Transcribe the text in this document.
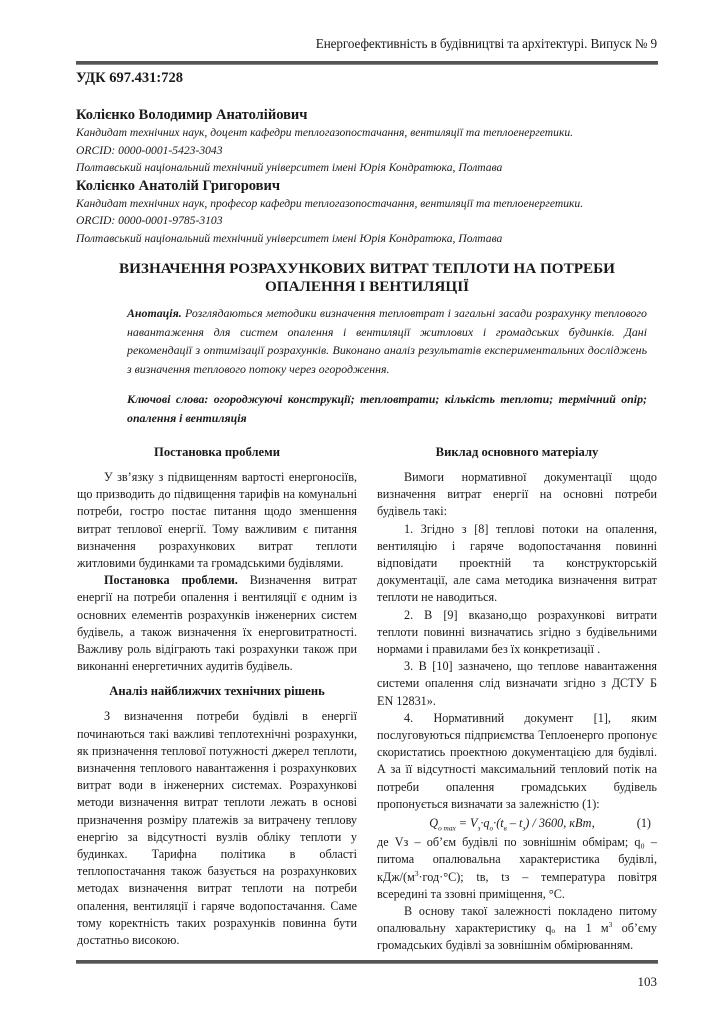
Енергоефективність в будівництві та архітектурі. Випуск № 9
УДК 697.431:728
Колієнко Володимир Анатолійович
Кандидат технічних наук, доцент кафедри теплогазопостачання, вентиляції та теплоенергетики.
ORCID: 0000-0001-5423-3043
Полтавський національний технічний університет імені Юрія Кондратюка, Полтава
Колієнко Анатолій Григорович
Кандидат технічних наук, професор кафедри теплогазопостачання, вентиляції та теплоенергетики.
ORCID: 0000-0001-9785-3103
Полтавський національний технічний університет імені Юрія Кондратюка, Полтава
ВИЗНАЧЕННЯ РОЗРАХУНКОВИХ ВИТРАТ ТЕПЛОТИ НА ПОТРЕБИ
ОПАЛЕННЯ І ВЕНТИЛЯЦІЇ
Анотація. Розглядаються методики визначення тепловтрат і загальні засади розрахунку теплового навантаження для систем опалення і вентиляції житлових і громадських будинків. Дані рекомендації з оптимізації розрахунків. Виконано аналіз результатів експериментальних досліджень з визначення теплового потоку через огородження.
Ключові слова: огороджуючі конструкції; тепловтрати; кількість теплоти; термічний опір; опалення і вентиляція
Постановка проблеми

У зв’язку з підвищенням вартості енергоносіїв, що призводить до підвищення тарифів на комунальні потреби, гостро постає питання щодо зменшення витрат теплової енергії. Тому важливим є питання визначення розрахункових витрат теплоти житловими будинками та громадськими будівлями.

Постановка проблеми. Визначення витрат енергії на потреби опалення і вентиляції є одним із основних елементів розрахунків інженерних систем будівель, а також визначення їх енерговитратності. Важливу роль відіграють такі розрахунки також при виконанні енергетичних аудитів будівель.

Аналіз найближчих технічних рішень

З визначення потреби будівлі в енергії починаються такі важливі теплотехнічні розрахунки, як призначення теплової потужності джерел теплоти, визначення теплового навантаження і розрахункових витрат води в інженерних системах. Розрахункові методи визначення витрат теплоти лежать в основі призначення розміру платежів за витрачену теплову енергію за відсутності вузлів обліку теплоти у будинках. Тарифна політика в області теплопостачання також базується на розрахункових методах визначення витрат теплоти на потреби опалення, вентиляції і гаряче водопостачання. Саме тому коректність таких розрахунків повинна бути достатньо високою.

Виклад основного матеріалу

Вимоги нормативної документації щодо визначення витрат енергії на основні потреби будівель такі:

1. Згідно з [8] теплові потоки на опалення, вентиляцію і гаряче водопостачання повинні відповідати проектній та конструкторській документації, але сама методика визначення витрат теплоти не наводиться.

2. В [9] вказано,що розрахункові витрати теплоти повинні визначатись згідно з будівельними нормами і правилами без їх конкретизації .

3. В [10] зазначено, що теплове навантаження системи опалення слід визначати згідно з ДСТУ Б EN 12831».

4. Нормативний документ [1], яким послуговуються підприємства Теплоенерго пропонує скористатись проектною документацією для будівлі. А за її відсутності максимальний тепловий потік на потреби опалення громадських будівель пропонується визначати за залежністю (1):

$Q_{o max} = V_з\cdot q_o\cdot(t_в - t_з) / 3600$, кВт,	(1)

де Vз – об’єм будівлі по зовнішнім обмірам; q₀ – питома опалювальна характеристика будівлі, кДж/$(м^3\cdot год\cdot^\circ С)$; tв, tз – температура повітря всередині та ззовні приміщення, °С.

В основу такої залежності покладено питому опалювальну характеристику qₒ на 1 $м^3$ об’єму громадських будівлі за зовнішнім обмірюванням.

103
